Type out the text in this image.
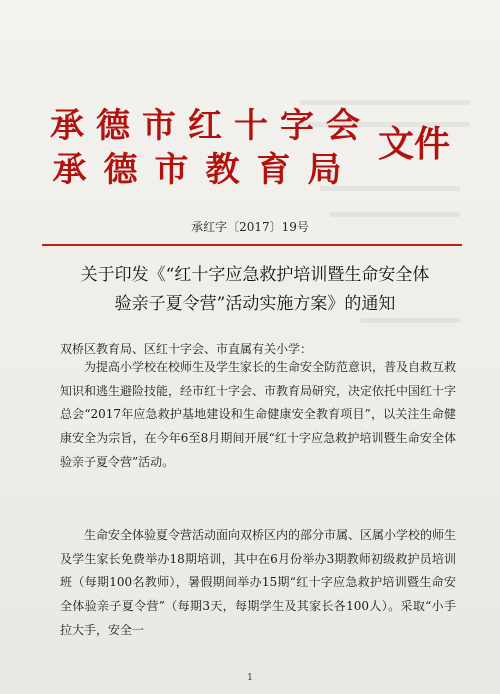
承 德 市 红 十 字 会
承 德 市 教 育 局
文件
承红字〔2017〕19号
关于印发《“红十字应急救护培训暨生命安全体
验亲子夏令营”活动实施方案》的通知
双桥区教育局、区红十字会、市直属有关小学：

为提高小学校在校师生及学生家长的生命安全防范意识，普及自救互救知识和逃生避险技能，经市红十字会、市教育局研究，决定依托中国红十字总会“2017年应急救护基地建设和生命健康安全教育项目”，以关注生命健康安全为宗旨，在今年6至8月期间开展“红十字应急救护培训暨生命安全体验亲子夏令营”活动。

生命安全体验夏令营活动面向双桥区内的部分市属、区属小学校的师生及学生家长免费举办18期培训，其中在6月份举办3期教师初级救护员培训班（每期100名教师），暑假期间举办15期“红十字应急救护培训暨生命安全体验亲子夏令营”（每期3天，每期学生及其家长各100人）。采取“小手拉大手，安全一

1
